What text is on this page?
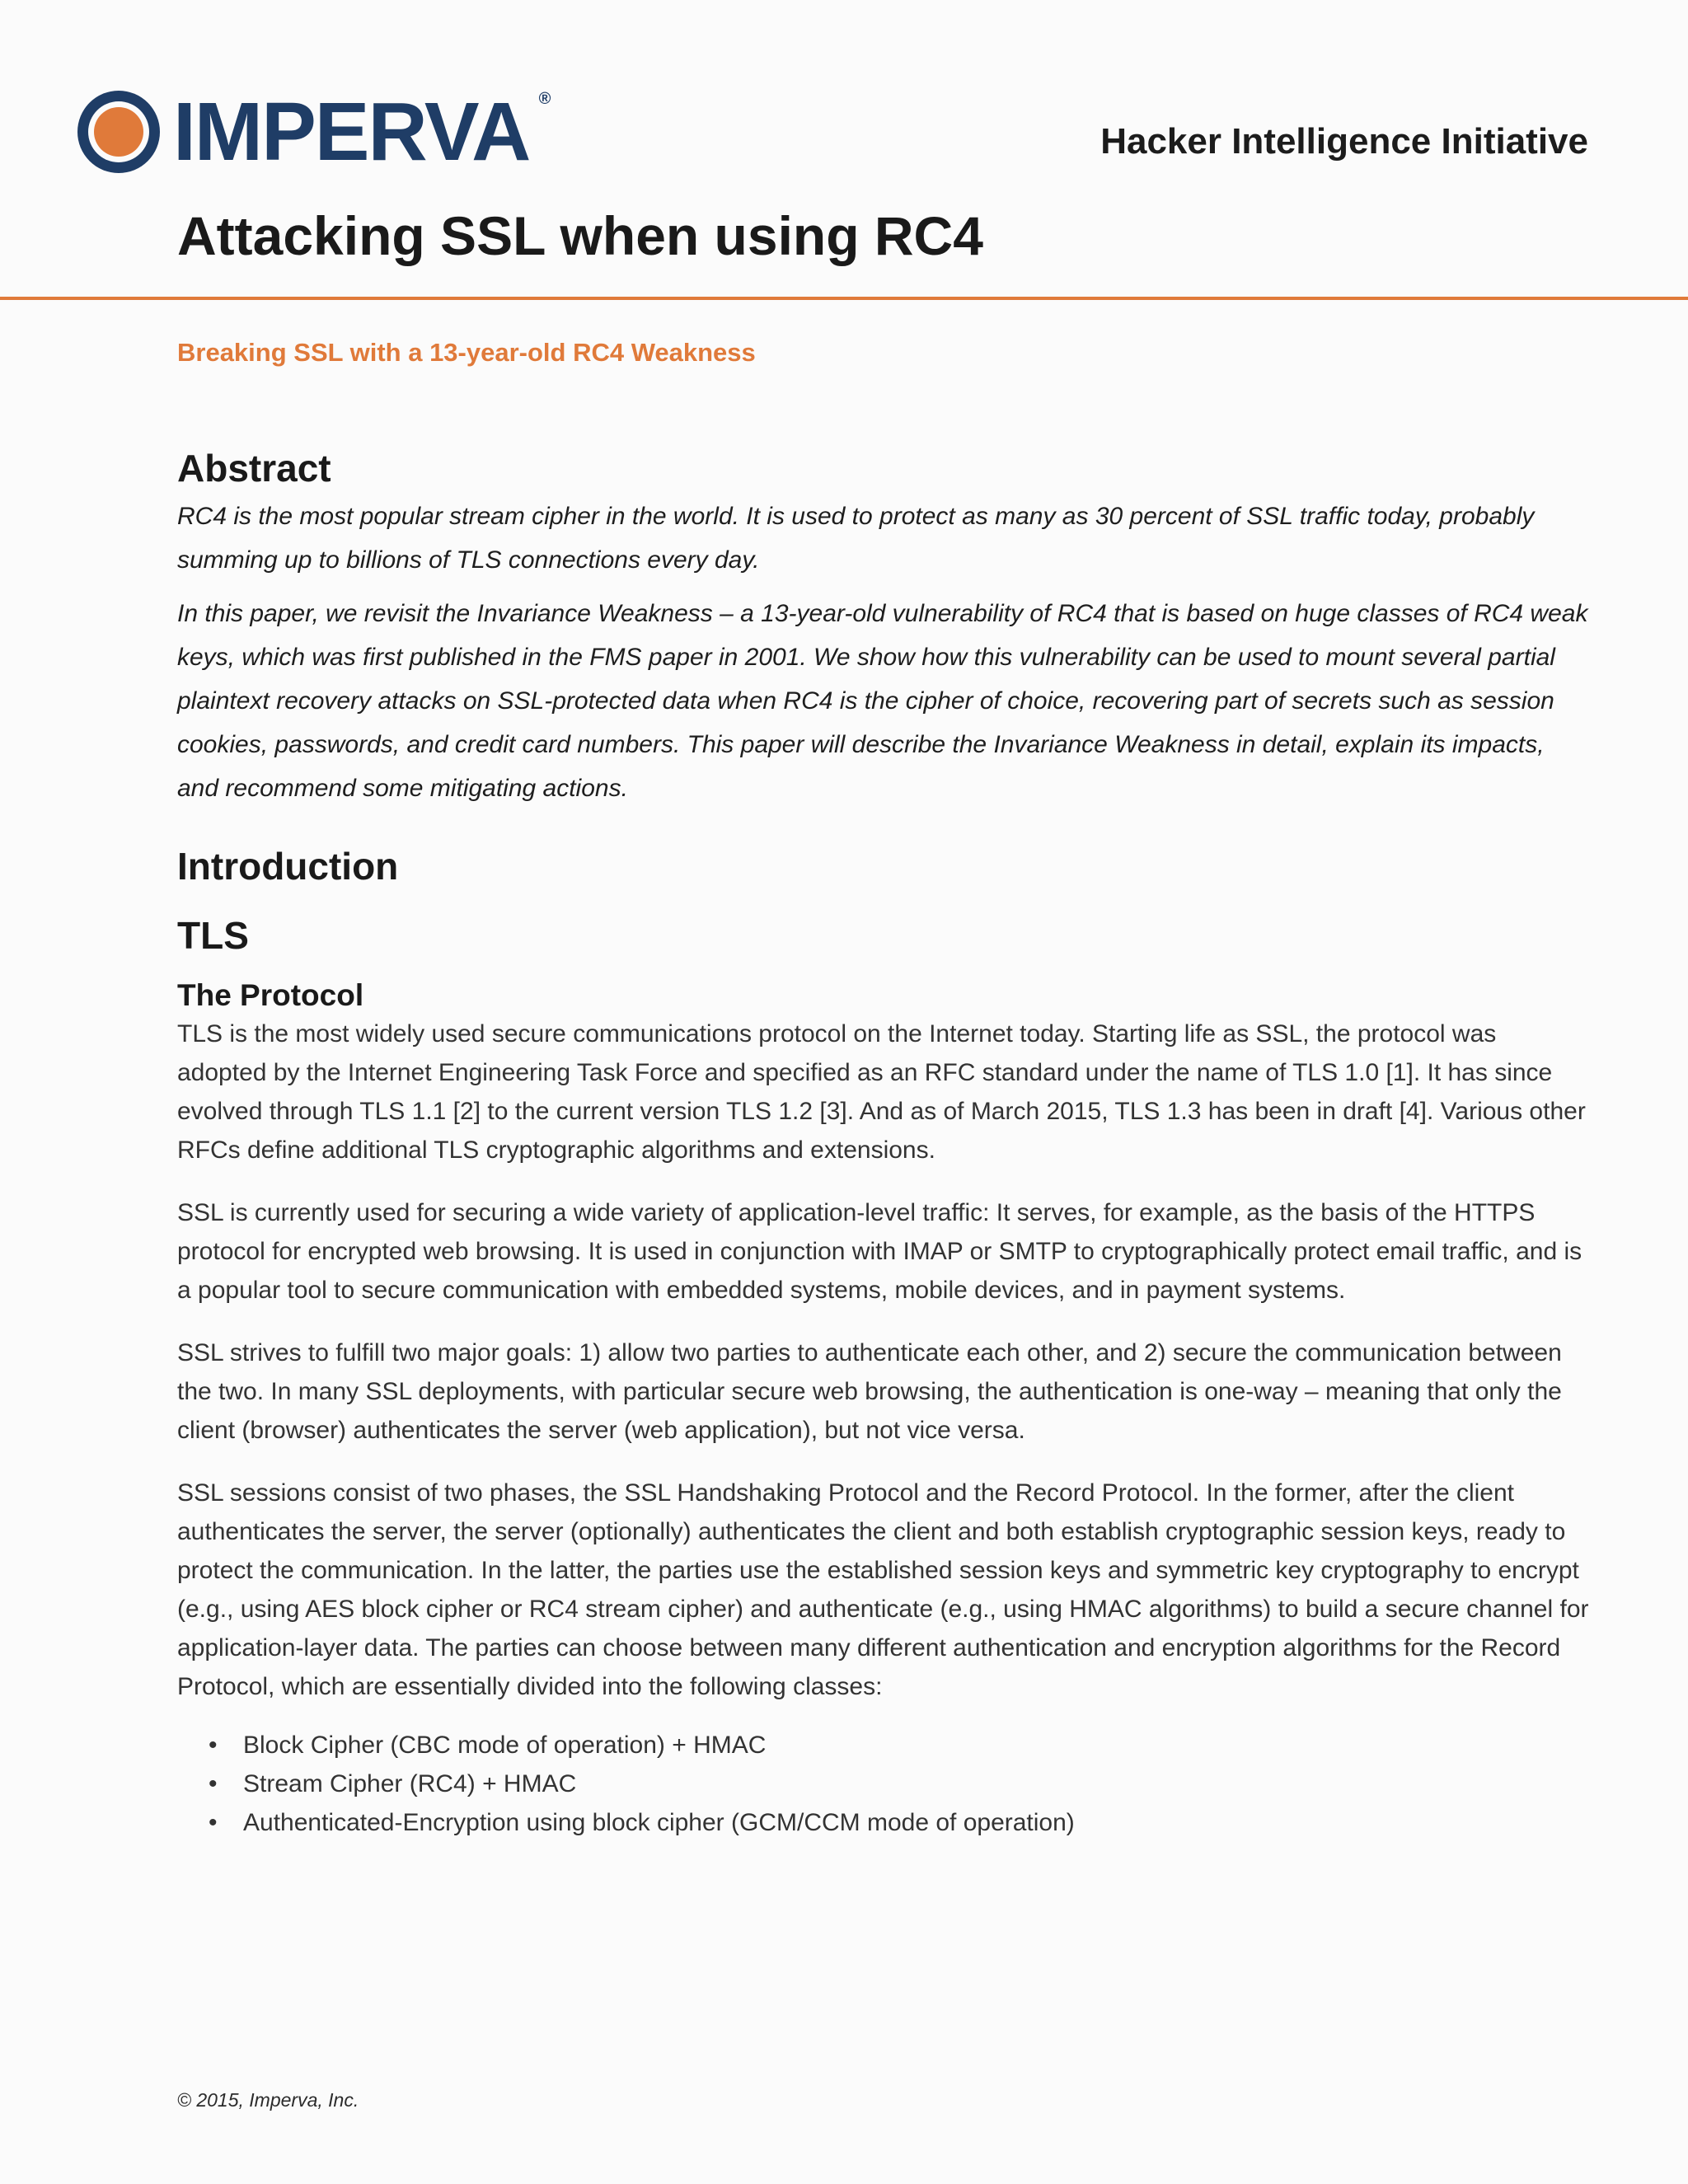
IMPERVA ®
Hacker Intelligence Initiative
Attacking SSL when using RC4
Breaking SSL with a 13-year-old RC4 Weakness
Abstract

RC4 is the most popular stream cipher in the world. It is used to protect as many as 30 percent of SSL traffic today, probably summing up to billions of TLS connections every day.

In this paper, we revisit the Invariance Weakness – a 13-year-old vulnerability of RC4 that is based on huge classes of RC4 weak keys, which was first published in the FMS paper in 2001. We show how this vulnerability can be used to mount several partial plaintext recovery attacks on SSL-protected data when RC4 is the cipher of choice, recovering part of secrets such as session cookies, passwords, and credit card numbers. This paper will describe the Invariance Weakness in detail, explain its impacts, and recommend some mitigating actions.

Introduction
TLS
The Protocol

TLS is the most widely used secure communications protocol on the Internet today. Starting life as SSL, the protocol was adopted by the Internet Engineering Task Force and specified as an RFC standard under the name of TLS 1.0 [1]. It has since evolved through TLS 1.1 [2] to the current version TLS 1.2 [3]. And as of March 2015, TLS 1.3 has been in draft [4]. Various other RFCs define additional TLS cryptographic algorithms and extensions.

SSL is currently used for securing a wide variety of application-level traffic: It serves, for example, as the basis of the HTTPS protocol for encrypted web browsing. It is used in conjunction with IMAP or SMTP to cryptographically protect email traffic, and is a popular tool to secure communication with embedded systems, mobile devices, and in payment systems.

SSL strives to fulfill two major goals: 1) allow two parties to authenticate each other, and 2) secure the communication between the two. In many SSL deployments, with particular secure web browsing, the authentication is one-way – meaning that only the client (browser) authenticates the server (web application), but not vice versa.

SSL sessions consist of two phases, the SSL Handshaking Protocol and the Record Protocol. In the former, after the client authenticates the server, the server (optionally) authenticates the client and both establish cryptographic session keys, ready to protect the communication. In the latter, the parties use the established session keys and symmetric key cryptography to encrypt (e.g., using AES block cipher or RC4 stream cipher) and authenticate (e.g., using HMAC algorithms) to build a secure channel for application-layer data. The parties can choose between many different authentication and encryption algorithms for the Record Protocol, which are essentially divided into the following classes:

• Block Cipher (CBC mode of operation) + HMAC
• Stream Cipher (RC4) + HMAC
• Authenticated-Encryption using block cipher (GCM/CCM mode of operation)
© 2015, Imperva, Inc.
